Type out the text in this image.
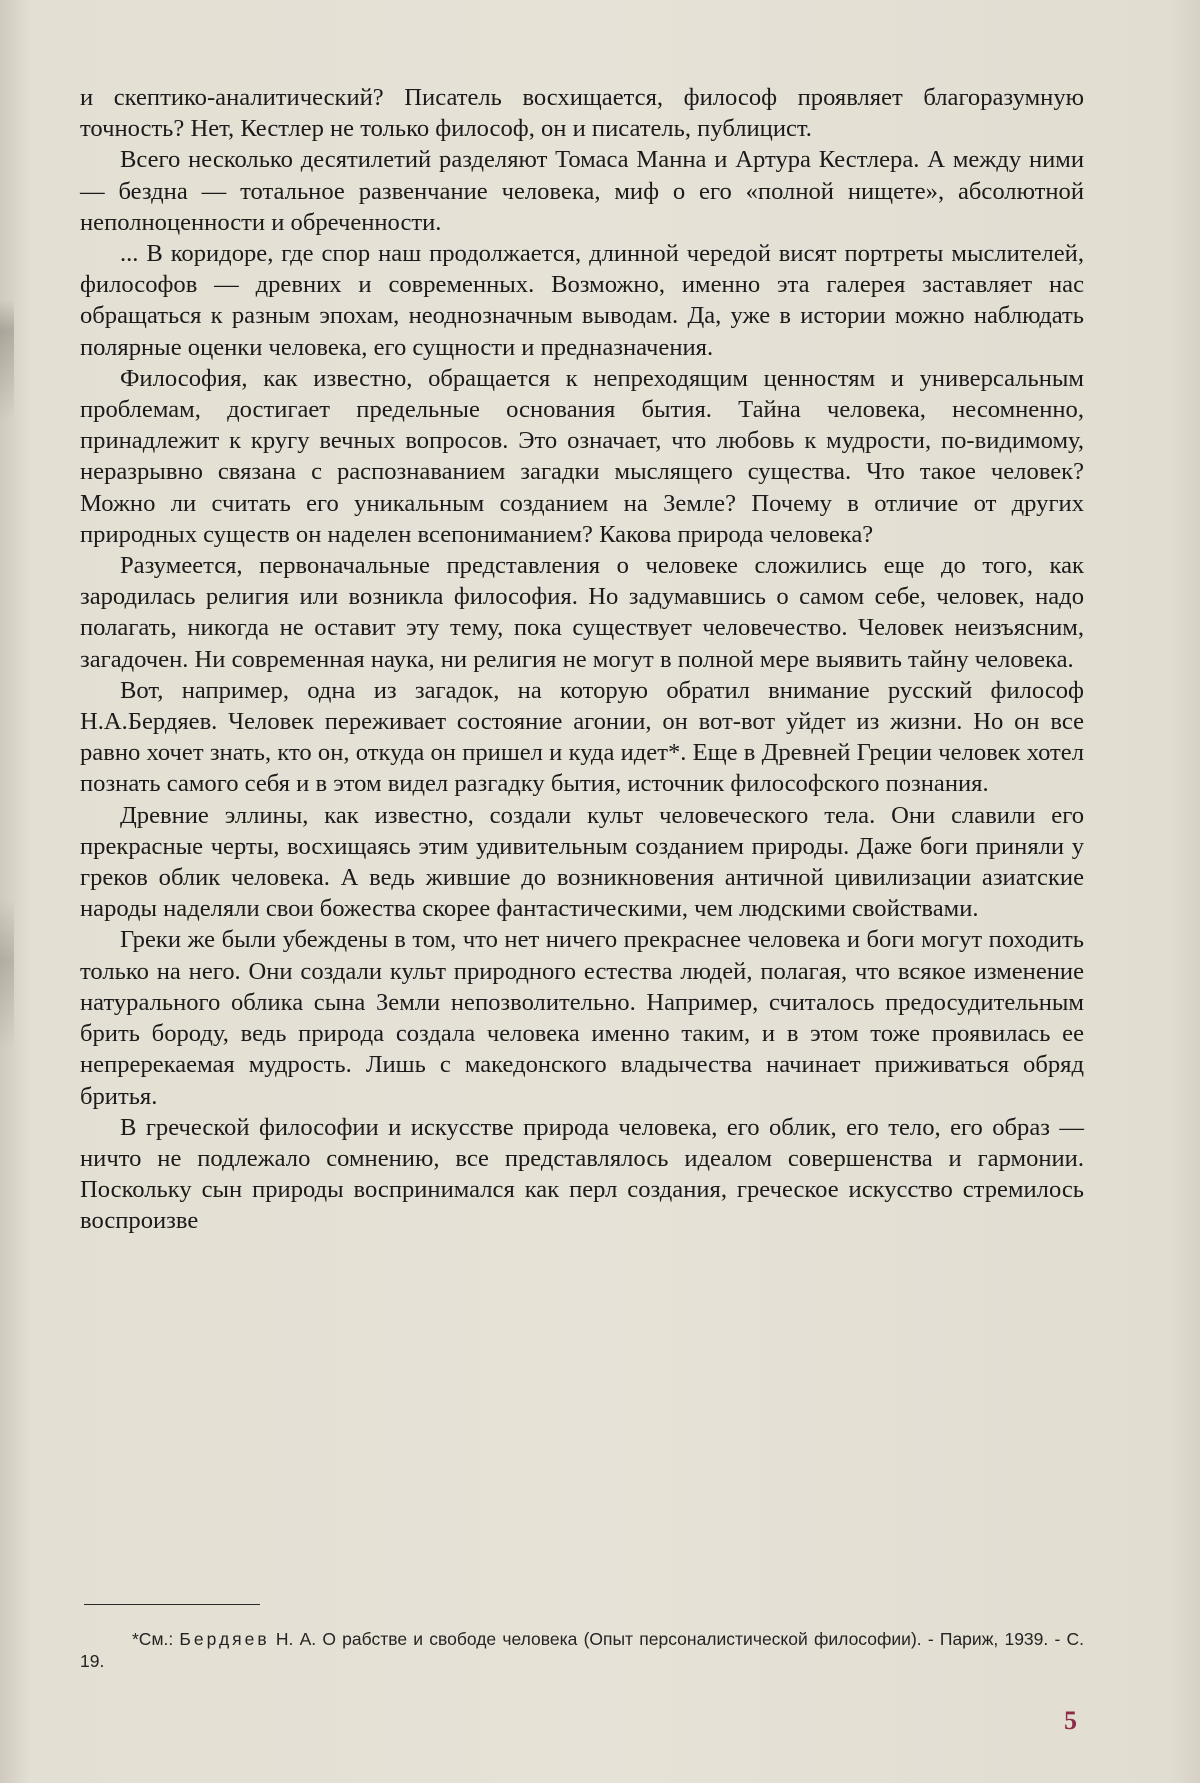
и скептико-аналитический? Писатель восхищается, философ проявляет благоразумную точность? Нет, Кестлер не только философ, он и писатель, публицист.

Всего несколько десятилетий разделяют Томаса Манна и Артура Кестлера. А между ними — бездна — тотальное развенчание человека, миф о его «полной нищете», абсолютной неполноценности и обреченности.

... В коридоре, где спор наш продолжается, длинной чередой висят портреты мыслителей, философов — древних и современных. Возможно, именно эта галерея заставляет нас обращаться к разным эпохам, неоднозначным выводам. Да, уже в истории можно наблюдать полярные оценки человека, его сущности и предназначения.

Философия, как известно, обращается к непреходящим ценностям и универсальным проблемам, достигает предельные основания бытия. Тайна человека, несомненно, принадлежит к кругу вечных вопросов. Это означает, что любовь к мудрости, по-видимому, неразрывно связана с распознаванием загадки мыслящего существа. Что такое человек? Можно ли считать его уникальным созданием на Земле? Почему в отличие от других природных существ он наделен всепониманием? Какова природа человека?

Разумеется, первоначальные представления о человеке сложились еще до того, как зародилась религия или возникла философия. Но задумавшись о самом себе, человек, надо полагать, никогда не оставит эту тему, пока существует человечество. Человек неизъясним, загадочен. Ни современная наука, ни религия не могут в полной мере выявить тайну человека.

Вот, например, одна из загадок, на которую обратил внимание русский философ Н.А.Бердяев. Человек переживает состояние агонии, он вот-вот уйдет из жизни. Но он все равно хочет знать, кто он, откуда он пришел и куда идет*. Еще в Древней Греции человек хотел познать самого себя и в этом видел разгадку бытия, источник философского познания.

Древние эллины, как известно, создали культ человеческого тела. Они славили его прекрасные черты, восхищаясь этим удивительным созданием природы. Даже боги приняли у греков облик человека. А ведь жившие до возникновения античной цивилизации азиатские народы наделяли свои божества скорее фантастическими, чем людскими свойствами.

Греки же были убеждены в том, что нет ничего прекраснее человека и боги могут походить только на него. Они создали культ природного естества людей, полагая, что всякое изменение натурального облика сына Земли непозволительно. Например, считалось предосудительным брить бороду, ведь природа создала человека именно таким, и в этом тоже проявилась ее непререкаемая мудрость. Лишь с македонского владычества начинает приживаться обряд бритья.

В греческой философии и искусстве природа человека, его облик, его тело, его образ — ничто не подлежало сомнению, все представлялось идеалом совершенства и гармонии. Поскольку сын природы воспринимался как перл создания, греческое искусство стремилось воспроизве

*См.: Бердяев Н. А. О рабстве и свободе человека (Опыт персоналистической философии). - Париж, 1939. - С. 19.

5
